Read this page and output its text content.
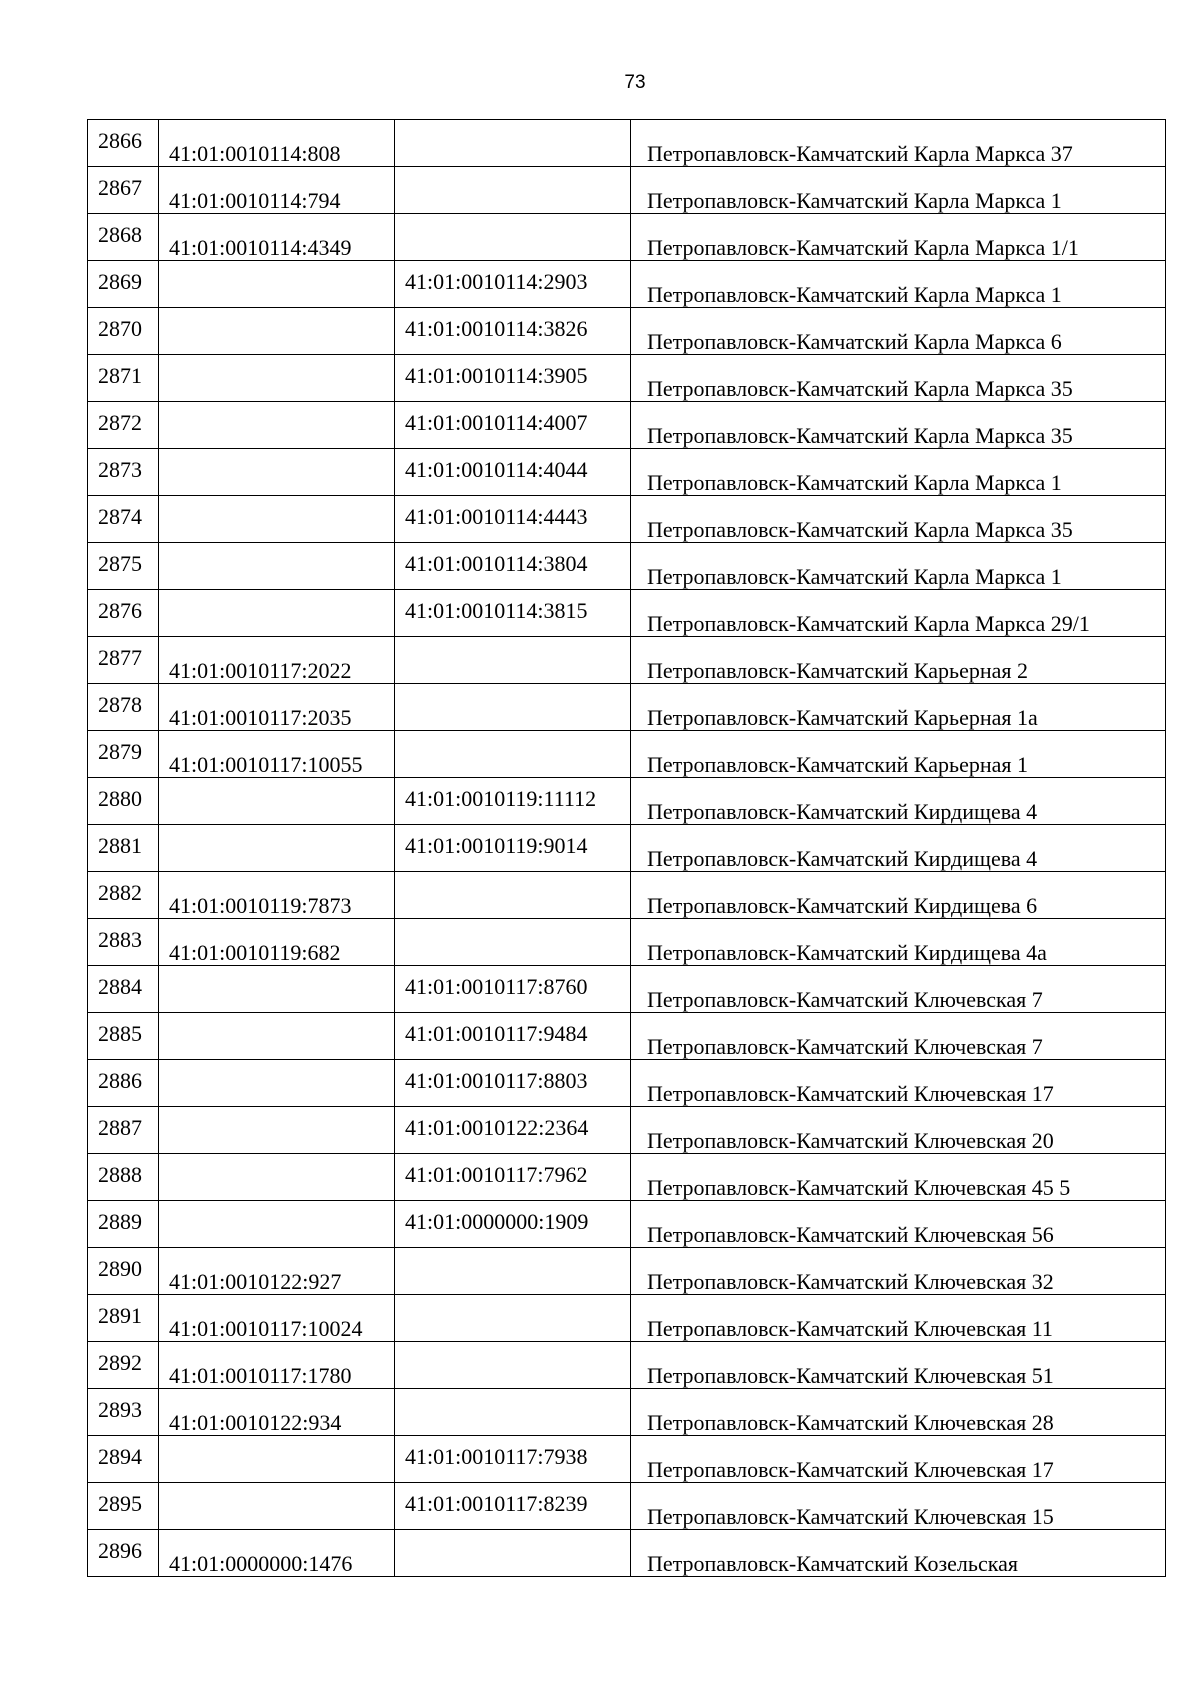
73
2866	41:01:0010114:808		Петропавловск-Камчатский Карла Маркса 37

2867	41:01:0010114:794		Петропавловск-Камчатский Карла Маркса 1

2868	41:01:0010114:4349		Петропавловск-Камчатский Карла Маркса 1/1

2869		41:01:0010114:2903	Петропавловск-Камчатский Карла Маркса 1

2870		41:01:0010114:3826	Петропавловск-Камчатский Карла Маркса 6

2871		41:01:0010114:3905	Петропавловск-Камчатский Карла Маркса 35

2872		41:01:0010114:4007	Петропавловск-Камчатский Карла Маркса 35

2873		41:01:0010114:4044	Петропавловск-Камчатский Карла Маркса 1

2874		41:01:0010114:4443	Петропавловск-Камчатский Карла Маркса 35

2875		41:01:0010114:3804	Петропавловск-Камчатский Карла Маркса 1

2876		41:01:0010114:3815	Петропавловск-Камчатский Карла Маркса 29/1

2877	41:01:0010117:2022		Петропавловск-Камчатский Карьерная 2

2878	41:01:0010117:2035		Петропавловск-Камчатский Карьерная 1а

2879	41:01:0010117:10055		Петропавловск-Камчатский Карьерная 1

2880		41:01:0010119:11112	Петропавловск-Камчатский Кирдищева 4

2881		41:01:0010119:9014	Петропавловск-Камчатский Кирдищева 4

2882	41:01:0010119:7873		Петропавловск-Камчатский Кирдищева 6

2883	41:01:0010119:682		Петропавловск-Камчатский Кирдищева 4а

2884		41:01:0010117:8760	Петропавловск-Камчатский Ключевская 7

2885		41:01:0010117:9484	Петропавловск-Камчатский Ключевская 7

2886		41:01:0010117:8803	Петропавловск-Камчатский Ключевская 17

2887		41:01:0010122:2364	Петропавловск-Камчатский Ключевская 20

2888		41:01:0010117:7962	Петропавловск-Камчатский Ключевская 45 5

2889		41:01:0000000:1909	Петропавловск-Камчатский Ключевская 56

2890	41:01:0010122:927		Петропавловск-Камчатский Ключевская 32

2891	41:01:0010117:10024		Петропавловск-Камчатский Ключевская 11

2892	41:01:0010117:1780		Петропавловск-Камчатский Ключевская 51

2893	41:01:0010122:934		Петропавловск-Камчатский Ключевская 28

2894		41:01:0010117:7938	Петропавловск-Камчатский Ключевская 17

2895		41:01:0010117:8239	Петропавловск-Камчатский Ключевская 15

2896	41:01:0000000:1476		Петропавловск-Камчатский Козельская
